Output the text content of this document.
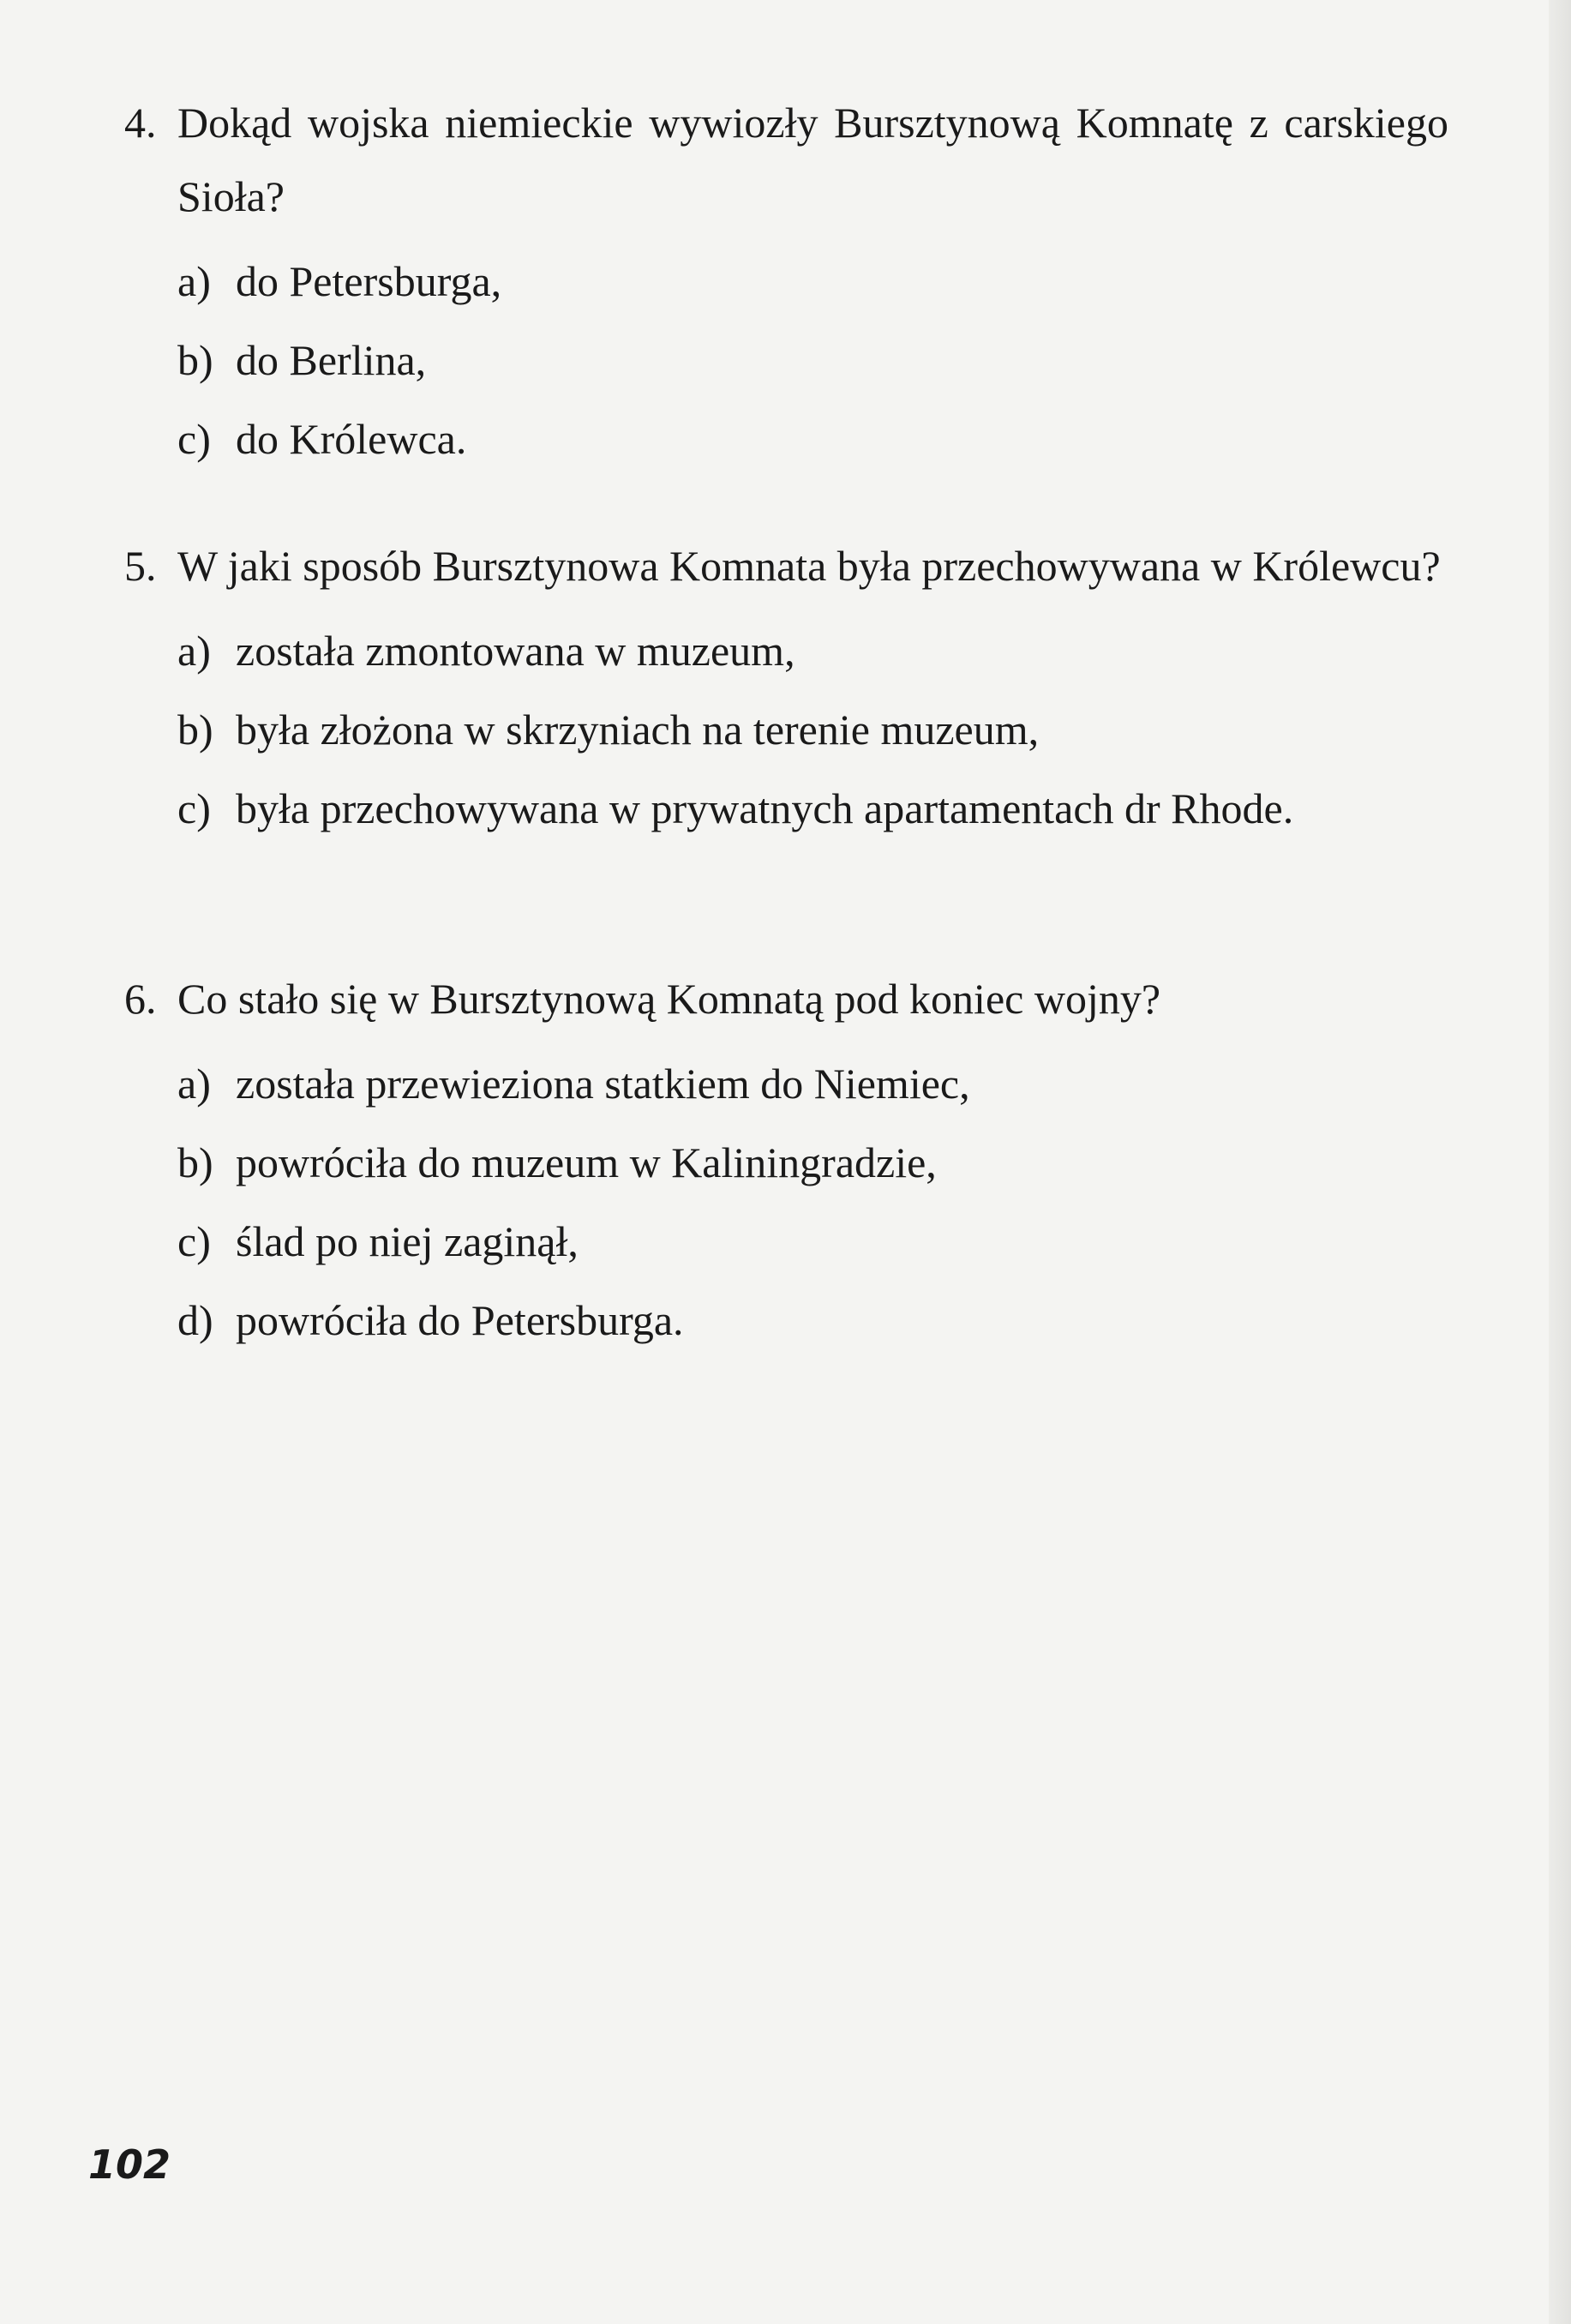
4. Dokąd wojska niemieckie wywiozły Bursztynową Komnatę z carskiego Sioła?
a) do Petersburga,
b) do Berlina,
c) do Królewca.
5. W jaki sposób Bursztynowa Komnata była przechowywana w Królewcu?
a) została zmontowana w muzeum,
b) była złożona w skrzyniach na terenie muzeum,
c) była przechowywana w prywatnych apartamentach dr Rhode.
6. Co stało się w Bursztynową Komnatą pod koniec wojny?
a) została przewieziona statkiem do Niemiec,
b) powróciła do muzeum w Kaliningradzie,
c) ślad po niej zaginął,
d) powróciła do Petersburga.
102
